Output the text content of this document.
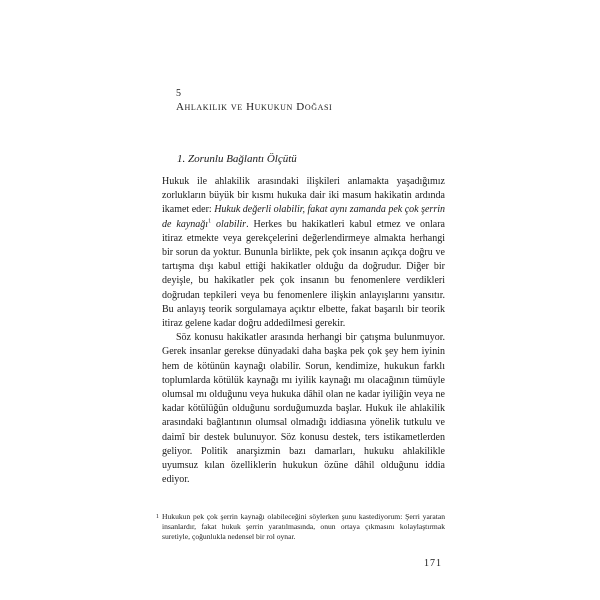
5
Ahlakilik ve Hukukun Doğası
1. Zorunlu Bağlantı Ölçütü

Hukuk ile ahlakilik arasındaki ilişkileri anlamakta yaşadığımız zorlukların büyük bir kısmı hukuka dair iki masum hakikatin ardında ikamet eder: Hukuk değerli olabilir, fakat aynı zamanda pek çok şerrin de kaynağı$^1$ olabilir. Herkes bu hakikatleri kabul etmez ve onlara itiraz etmekte veya gerekçelerini değerlendirmeye almakta herhangi bir sorun da yoktur. Bununla birlikte, pek çok insanın açıkça doğru ve tartışma dışı kabul ettiği hakikatler olduğu da doğrudur. Diğer bir deyişle, bu hakikatler pek çok insanın bu fenomenlere verdikleri doğrudan tepkileri veya bu fenomenlere ilişkin anlayışlarını yansıtır. Bu anlayış teorik sorgulamaya açıktır elbette, fakat başarılı bir teorik itiraz gelene kadar doğru addedilmesi gerekir.

Söz konusu hakikatler arasında herhangi bir çatışma bulunmuyor. Gerek insanlar gerekse dünyadaki daha başka pek çok şey hem iyinin hem de kötünün kaynağı olabilir. Sorun, kendimize, hukukun farklı toplumlarda kötülük kaynağı mı iyilik kaynağı mı olacağının tümüyle olumsal mı olduğunu veya hukuka dâhil olan ne kadar iyiliğin veya ne kadar kötülüğün olduğunu sorduğumuzda başlar. Hukuk ile ahlakilik arasındaki bağlantının olumsal olmadığı iddiasına yönelik tutkulu ve daimî bir destek bulunuyor. Söz konusu destek, ters istikametlerden geliyor. Politik anarşizmin bazı damarları, hukuku ahlakilikle uyumsuz kılan özelliklerin hukukun özüne dâhil olduğunu iddia ediyor.

1 Hukukun pek çok şerrin kaynağı olabileceğini söylerken şunu kastediyorum: Şerri yaratan insanlardır, fakat hukuk şerrin yaratılmasında, onun ortaya çıkmasını kolaylaştırmak suretiyle, çoğunlukla nedensel bir rol oynar.
171
